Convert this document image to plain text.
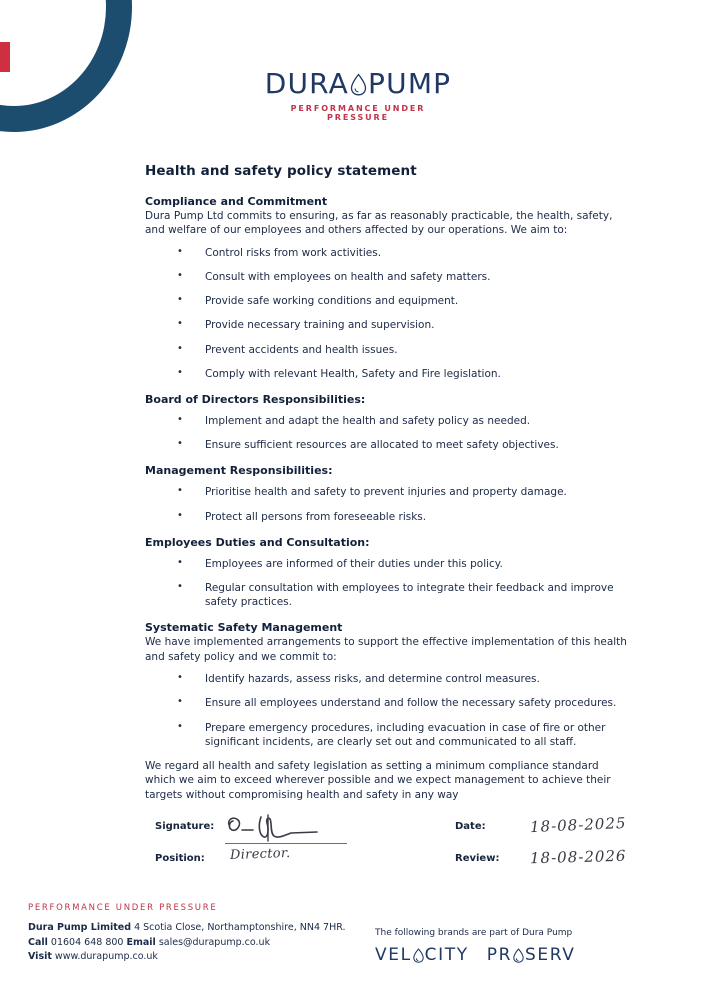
DURA PUMP
PERFORMANCE UNDER PRESSURE
Health and safety policy statement
Compliance and Commitment

Dura Pump Ltd commits to ensuring, as far as reasonably practicable, the health, safety, and welfare of our employees and others affected by our operations. We aim to:

• Control risks from work activities.
• Consult with employees on health and safety matters.
• Provide safe working conditions and equipment.
• Provide necessary training and supervision.
• Prevent accidents and health issues.
• Comply with relevant Health, Safety and Fire legislation.
Board of Directors Responsibilities:
• Implement and adapt the health and safety policy as needed.
• Ensure sufficient resources are allocated to meet safety objectives.
Management Responsibilities:
• Prioritise health and safety to prevent injuries and property damage.
• Protect all persons from foreseeable risks.
Employees Duties and Consultation:
• Employees are informed of their duties under this policy.
• Regular consultation with employees to integrate their feedback and improve safety practices.
Systematic Safety Management

We have implemented arrangements to support the effective implementation of this health and safety policy and we commit to:

• Identify hazards, assess risks, and determine control measures.
• Ensure all employees understand and follow the necessary safety procedures.
• Prepare emergency procedures, including evacuation in case of fire or other significant incidents, are clearly set out and communicated to all staff.

We regard all health and safety legislation as setting a minimum compliance standard which we aim to exceed wherever possible and we expect management to achieve their targets without compromising health and safety in any way

Signature:
Position:
Date:
Review:
Director.
18-08-2025
18-08-2026
PERFORMANCE UNDER PRESSURE
Dura Pump Limited 4 Scotia Close, Northamptonshire, NN4 7HR.
Call 01604 648 800 Email sales@durapump.co.uk
Visit www.durapump.co.uk
The following brands are part of Dura Pump
VEL CITY PR SERV
